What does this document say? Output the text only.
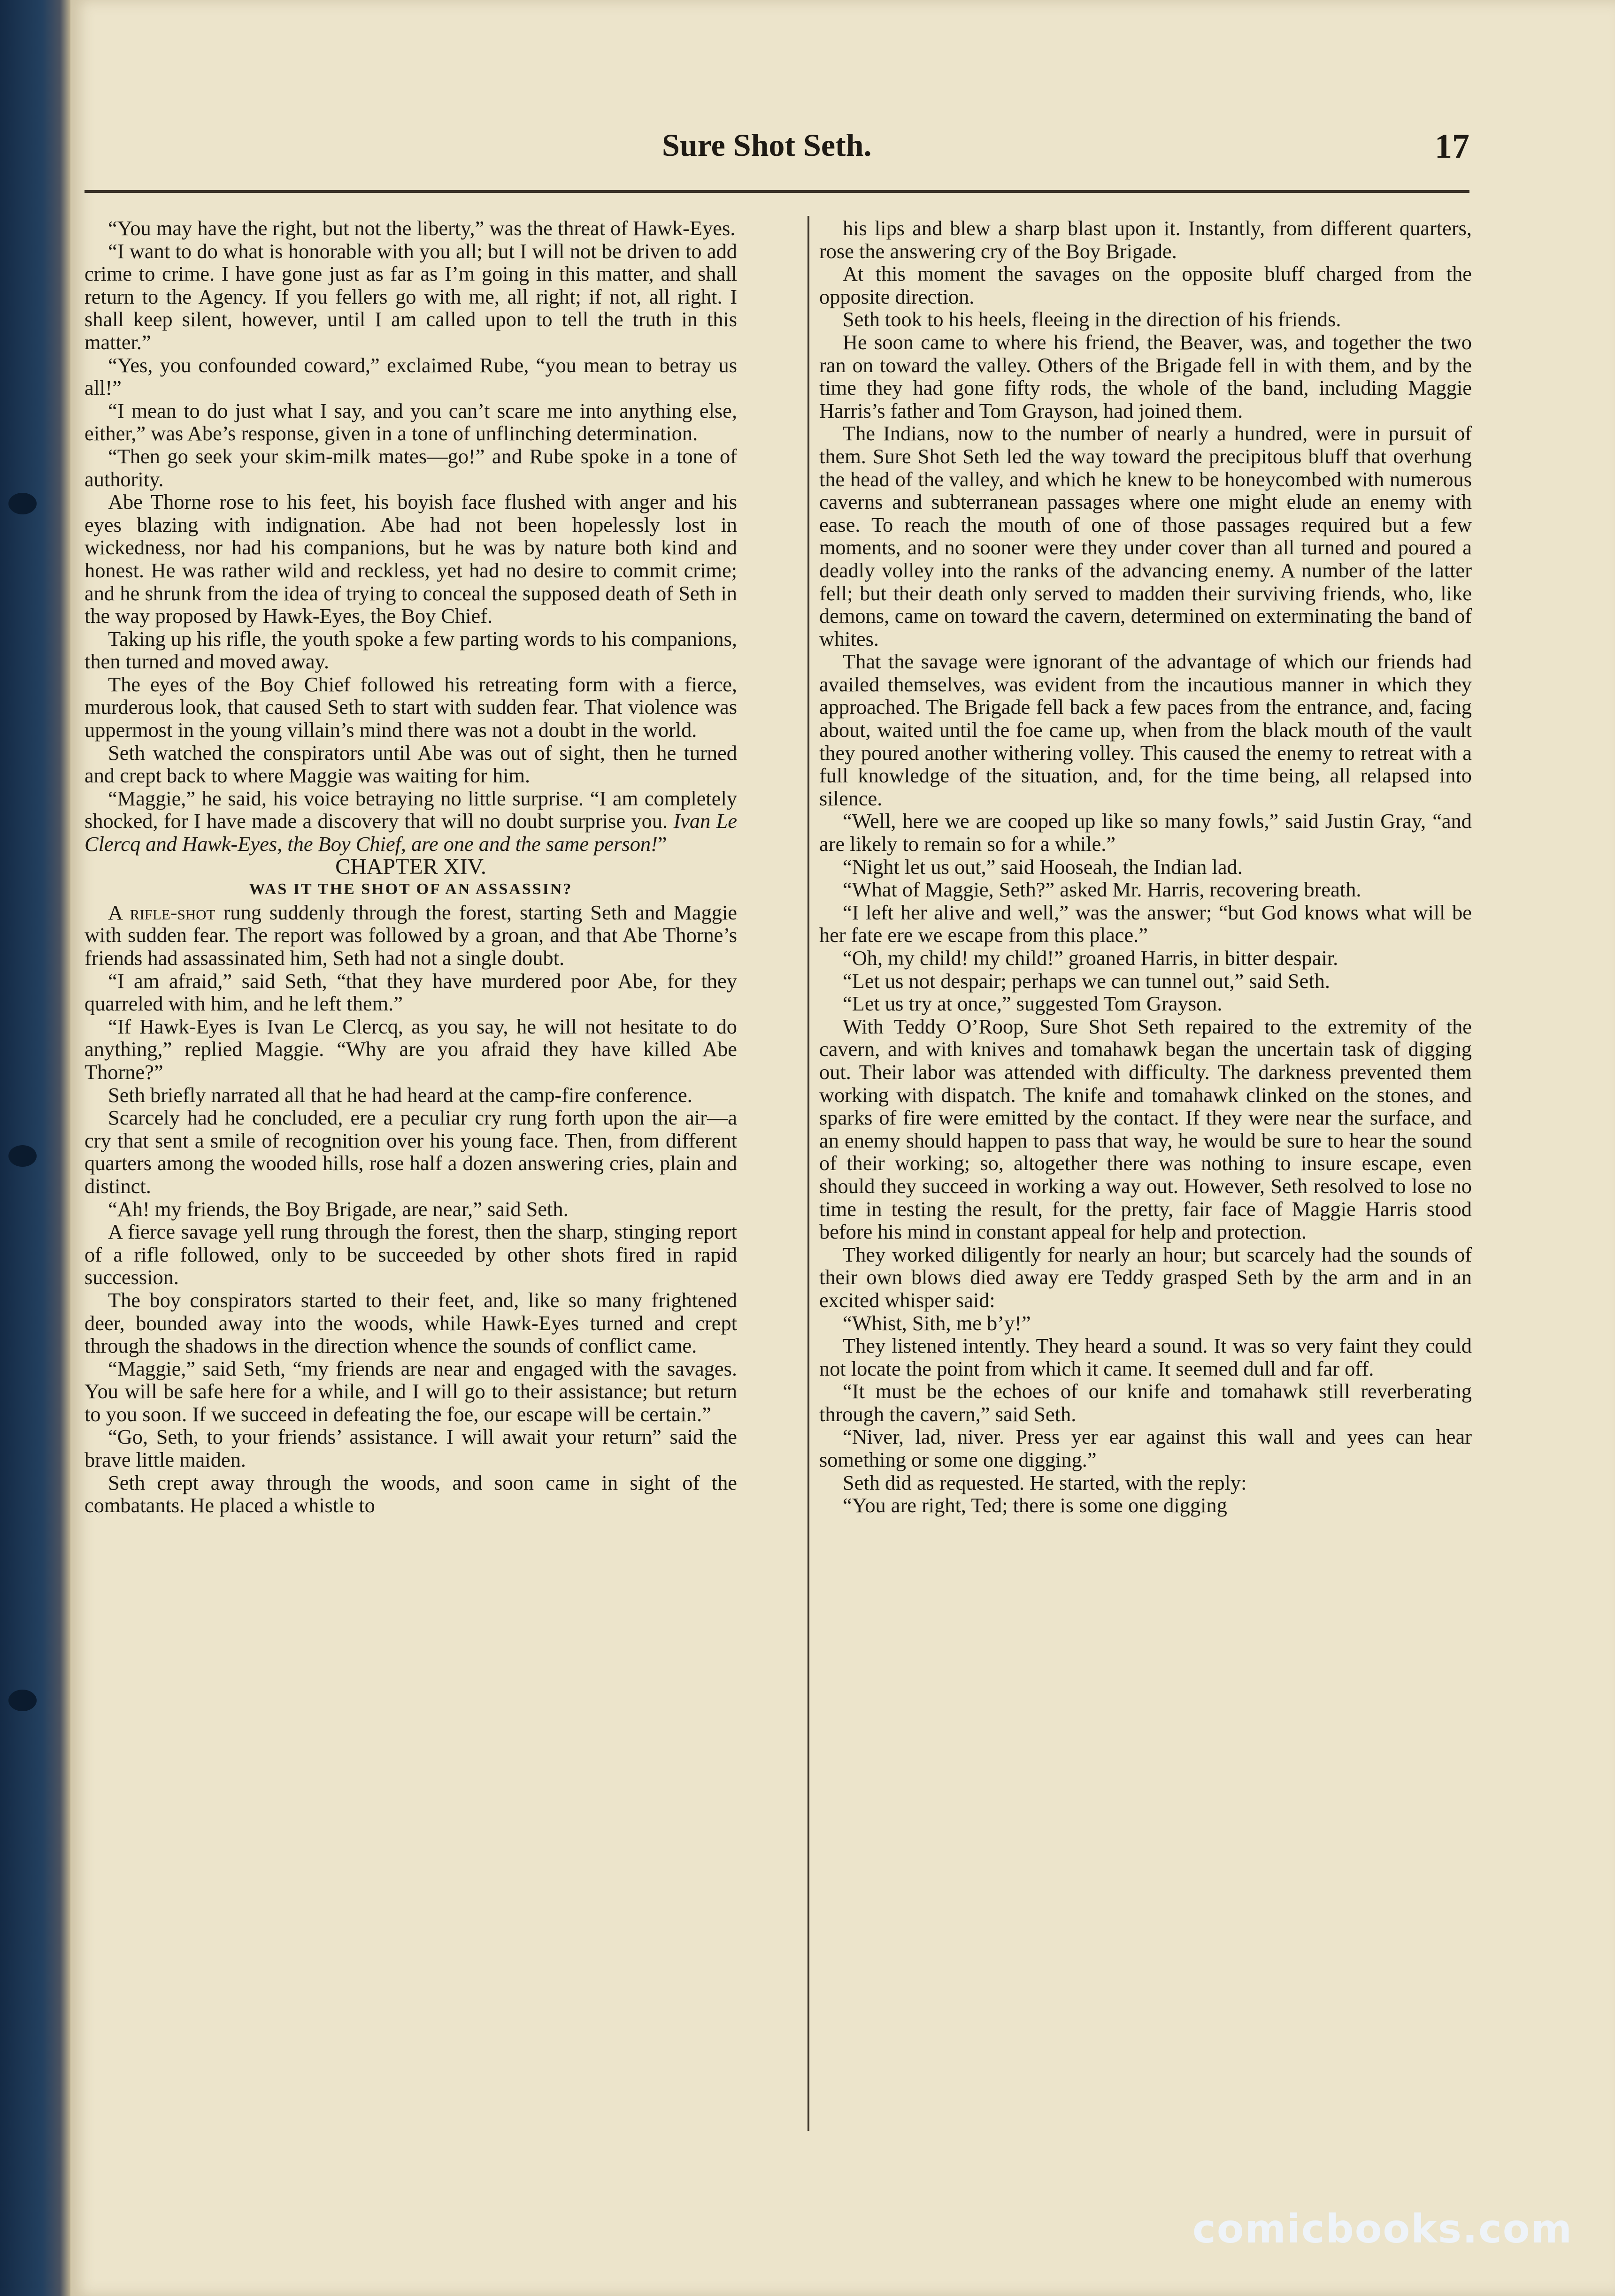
Sure Shot Seth.	17

“You may have the right, but not the liberty,” was the threat of Hawk-Eyes.

“I want to do what is honorable with you all; but I will not be driven to add crime to crime. I have gone just as far as I’m going in this matter, and shall return to the Agency. If you fellers go with me, all right; if not, all right. I shall keep silent, however, until I am called upon to tell the truth in this matter.”

“Yes, you confounded coward,” exclaimed Rube, “you mean to betray us all!”

“I mean to do just what I say, and you can’t scare me into anything else, either,” was Abe’s response, given in a tone of unflinching determination.

“Then go seek your skim-milk mates—go!” and Rube spoke in a tone of authority.

Abe Thorne rose to his feet, his boyish face flushed with anger and his eyes blazing with indignation. Abe had not been hopelessly lost in wickedness, nor had his companions, but he was by nature both kind and honest. He was rather wild and reckless, yet had no desire to commit crime; and he shrunk from the idea of trying to conceal the supposed death of Seth in the way proposed by Hawk-Eyes, the Boy Chief.

Taking up his rifle, the youth spoke a few parting words to his companions, then turned and moved away.

The eyes of the Boy Chief followed his retreating form with a fierce, murderous look, that caused Seth to start with sudden fear. That violence was uppermost in the young villain’s mind there was not a doubt in the world.

Seth watched the conspirators until Abe was out of sight, then he turned and crept back to where Maggie was waiting for him.

“Maggie,” he said, his voice betraying no little surprise. “I am completely shocked, for I have made a discovery that will no doubt surprise you. Ivan Le Clercq and Hawk-Eyes, the Boy Chief, are one and the same person!”

CHAPTER XIV.

WAS IT THE SHOT OF AN ASSASSIN?

A rifle-shot rung suddenly through the forest, starting Seth and Maggie with sudden fear. The report was followed by a groan, and that Abe Thorne’s friends had assassinated him, Seth had not a single doubt.

“I am afraid,” said Seth, “that they have murdered poor Abe, for they quarreled with him, and he left them.”

“If Hawk-Eyes is Ivan Le Clercq, as you say, he will not hesitate to do anything,” replied Maggie. “Why are you afraid they have killed Abe Thorne?”

Seth briefly narrated all that he had heard at the camp-fire conference.

Scarcely had he concluded, ere a peculiar cry rung forth upon the air—a cry that sent a smile of recognition over his young face. Then, from different quarters among the wooded hills, rose half a dozen answering cries, plain and distinct.

“Ah! my friends, the Boy Brigade, are near,” said Seth.

A fierce savage yell rung through the forest, then the sharp, stinging report of a rifle followed, only to be succeeded by other shots fired in rapid succession.

The boy conspirators started to their feet, and, like so many frightened deer, bounded away into the woods, while Hawk-Eyes turned and crept through the shadows in the direction whence the sounds of conflict came.

“Maggie,” said Seth, “my friends are near and engaged with the savages. You will be safe here for a while, and I will go to their assistance; but return to you soon. If we succeed in defeating the foe, our escape will be certain.”

“Go, Seth, to your friends’ assistance. I will await your return” said the brave little maiden.

Seth crept away through the woods, and soon came in sight of the combatants. He placed a whistle to

his lips and blew a sharp blast upon it. Instantly, from different quarters, rose the answering cry of the Boy Brigade.

At this moment the savages on the opposite bluff charged from the opposite direction.

Seth took to his heels, fleeing in the direction of his friends.

He soon came to where his friend, the Beaver, was, and together the two ran on toward the valley. Others of the Brigade fell in with them, and by the time they had gone fifty rods, the whole of the band, including Maggie Harris’s father and Tom Grayson, had joined them.

The Indians, now to the number of nearly a hundred, were in pursuit of them. Sure Shot Seth led the way toward the precipitous bluff that overhung the head of the valley, and which he knew to be honeycombed with numerous caverns and subterranean passages where one might elude an enemy with ease. To reach the mouth of one of those passages required but a few moments, and no sooner were they under cover than all turned and poured a deadly volley into the ranks of the advancing enemy. A number of the latter fell; but their death only served to madden their surviving friends, who, like demons, came on toward the cavern, determined on exterminating the band of whites.

That the savage were ignorant of the advantage of which our friends had availed themselves, was evident from the incautious manner in which they approached. The Brigade fell back a few paces from the entrance, and, facing about, waited until the foe came up, when from the black mouth of the vault they poured another withering volley. This caused the enemy to retreat with a full knowledge of the situation, and, for the time being, all relapsed into silence.

“Well, here we are cooped up like so many fowls,” said Justin Gray, “and are likely to remain so for a while.”

“Night let us out,” said Hooseah, the Indian lad.

“What of Maggie, Seth?” asked Mr. Harris, recovering breath.

“I left her alive and well,” was the answer; “but God knows what will be her fate ere we escape from this place.”

“Oh, my child! my child!” groaned Harris, in bitter despair.

“Let us not despair; perhaps we can tunnel out,” said Seth.

“Let us try at once,” suggested Tom Grayson.

With Teddy O’Roop, Sure Shot Seth repaired to the extremity of the cavern, and with knives and tomahawk began the uncertain task of digging out. Their labor was attended with difficulty. The darkness prevented them working with dispatch. The knife and tomahawk clinked on the stones, and sparks of fire were emitted by the contact. If they were near the surface, and an enemy should happen to pass that way, he would be sure to hear the sound of their working; so, altogether there was nothing to insure escape, even should they succeed in working a way out. However, Seth resolved to lose no time in testing the result, for the pretty, fair face of Maggie Harris stood before his mind in constant appeal for help and protection.

They worked diligently for nearly an hour; but scarcely had the sounds of their own blows died away ere Teddy grasped Seth by the arm and in an excited whisper said:

“Whist, Sith, me b’y!”

They listened intently. They heard a sound. It was so very faint they could not locate the point from which it came. It seemed dull and far off.

“It must be the echoes of our knife and tomahawk still reverberating through the cavern,” said Seth.

“Niver, lad, niver. Press yer ear against this wall and yees can hear something or some one digging.”

Seth did as requested. He started, with the reply:

“You are right, Ted; there is some one digging

comicbooks.com
